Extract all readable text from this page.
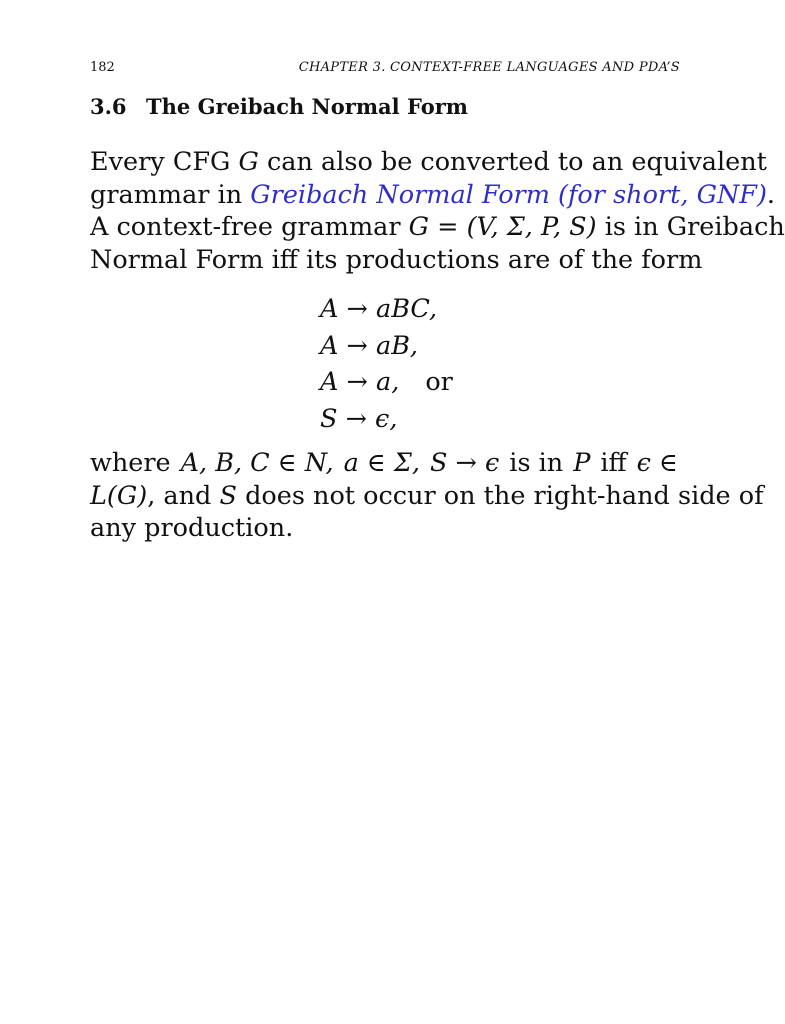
182	CHAPTER 3. CONTEXT-FREE LANGUAGES AND PDA’S
3.6 The Greibach Normal Form
Every CFG G can also be converted to an equivalent
grammar in Greibach Normal Form (for short, GNF).
A context-free grammar G = (V, Σ, P, S) is in Greibach
Normal Form iff its productions are of the form
A → aBC,
A → aB,
A → a, or
S → ϵ,
where A, B, C ∈ N, a ∈ Σ, S → ϵ is in P iff ϵ ∈
L(G), and S does not occur on the right-hand side of
any production.
